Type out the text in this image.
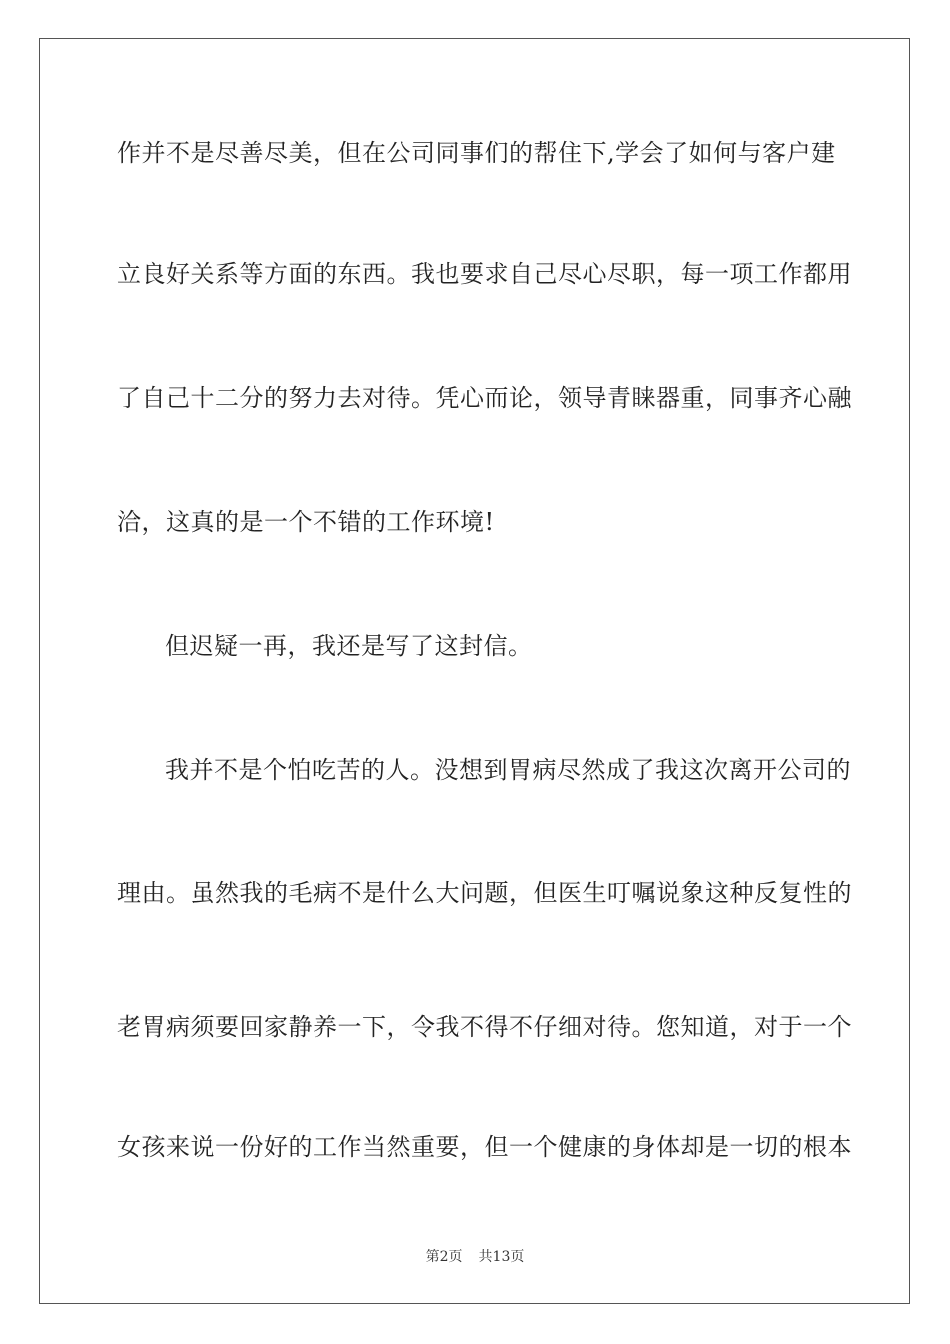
作并不是尽善尽美，但在公司同事们的帮住下,学会了如何与客户建
立良好关系等方面的东西。我也要求自己尽心尽职，每一项工作都用
了自己十二分的努力去对待。凭心而论，领导青睐器重，同事齐心融
洽，这真的是一个不错的工作环境!
但迟疑一再，我还是写了这封信。
我并不是个怕吃苦的人。没想到胃病尽然成了我这次离开公司的
理由。虽然我的毛病不是什么大问题，但医生叮嘱说象这种反复性的
老胃病须要回家静养一下，令我不得不仔细对待。您知道，对于一个
女孩来说一份好的工作当然重要，但一个健康的身体却是一切的根本
第2页 共13页
